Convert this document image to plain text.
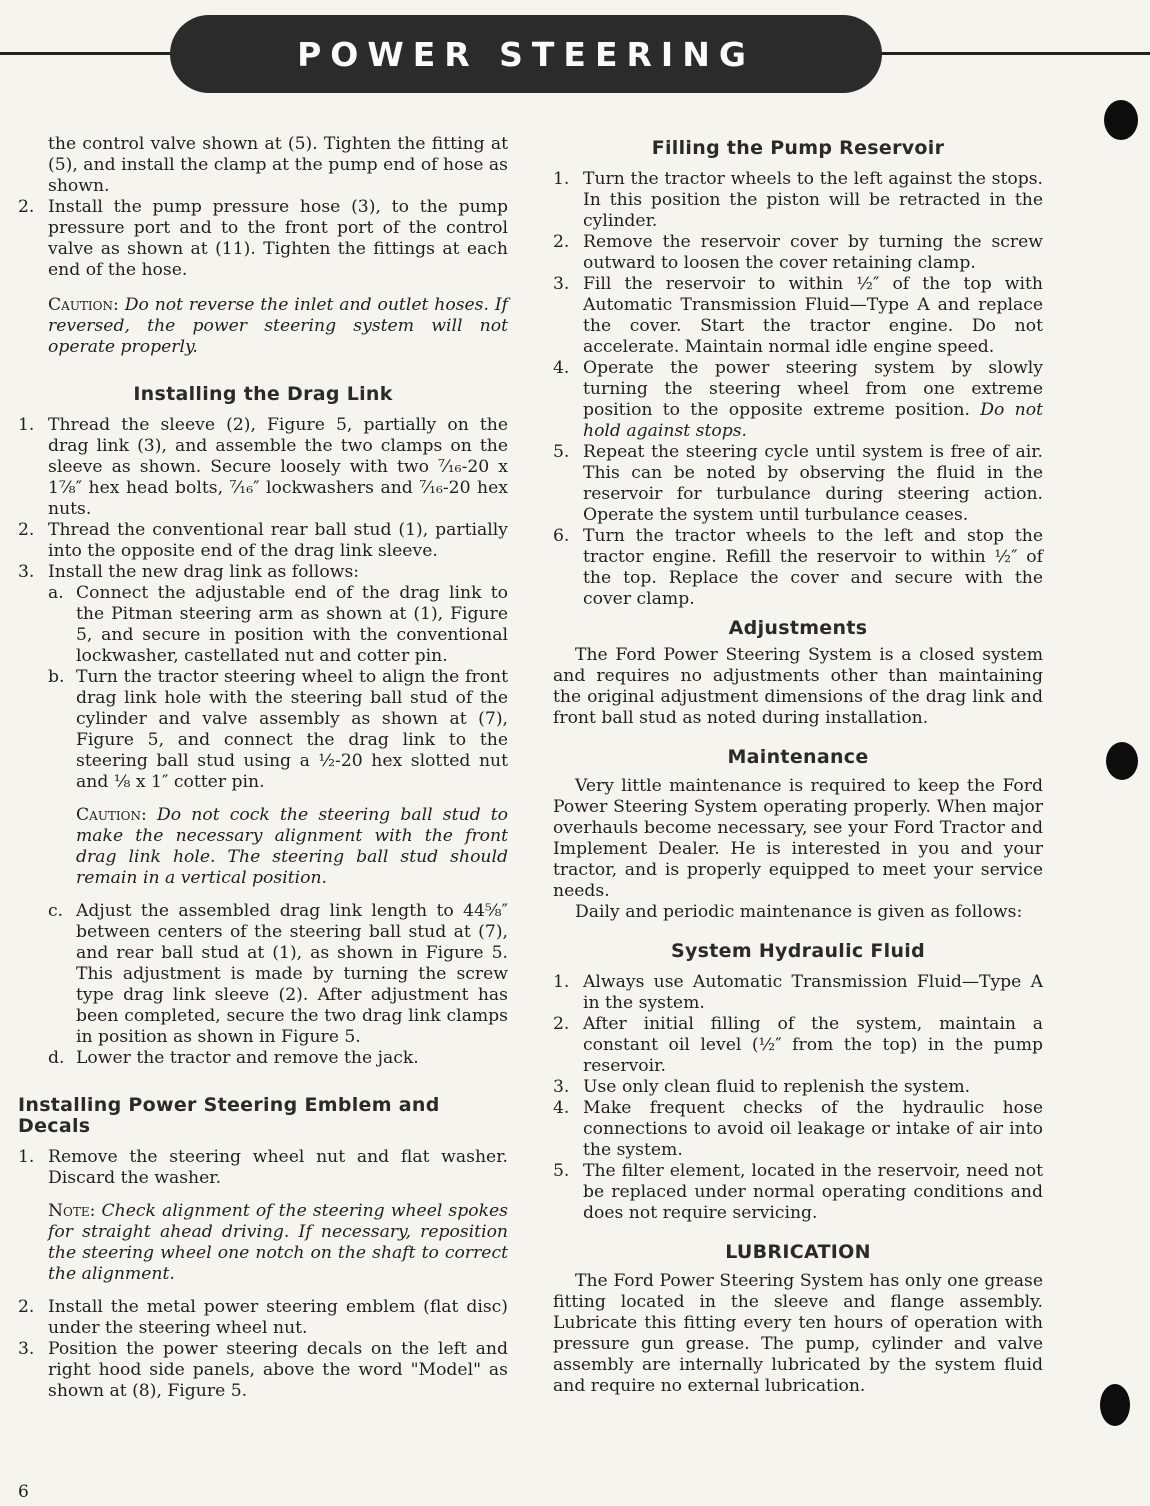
POWER STEERING

the control valve shown at (5). Tighten the fitting at (5), and install the clamp at the pump end of hose as shown.

2. Install the pump pressure hose (3), to the pump pressure port and to the front port of the control valve as shown at (11). Tighten the fittings at each end of the hose.

Caution: Do not reverse the inlet and outlet hoses. If reversed, the power steering system will not operate properly.

Installing the Drag Link
1. Thread the sleeve (2), Figure 5, partially on the drag link (3), and assemble the two clamps on the sleeve as shown. Secure loosely with two ⁷⁄₁₆-20 x 1⅞″ hex head bolts, ⁷⁄₁₆″ lockwashers and ⁷⁄₁₆-20 hex nuts.
2. Thread the conventional rear ball stud (1), partially into the opposite end of the drag link sleeve.
3. Install the new drag link as follows:
a. Connect the adjustable end of the drag link to the Pitman steering arm as shown at (1), Figure 5, and secure in position with the conventional lockwasher, castellated nut and cotter pin.
b. Turn the tractor steering wheel to align the front drag link hole with the steering ball stud of the cylinder and valve assembly as shown at (7), Figure 5, and connect the drag link to the steering ball stud using a ½-20 hex slotted nut and ⅛ x 1″ cotter pin.

Caution: Do not cock the steering ball stud to make the necessary alignment with the front drag link hole. The steering ball stud should remain in a vertical position.

c. Adjust the assembled drag link length to 44⅝″ between centers of the steering ball stud at (7), and rear ball stud at (1), as shown in Figure 5. This adjustment is made by turning the screw type drag link sleeve (2). After adjustment has been completed, secure the two drag link clamps in position as shown in Figure 5.
d. Lower the tractor and remove the jack.
Installing Power Steering Emblem and Decals
1. Remove the steering wheel nut and flat washer. Discard the washer.

Note: Check alignment of the steering wheel spokes for straight ahead driving. If necessary, reposition the steering wheel one notch on the shaft to correct the alignment.

2. Install the metal power steering emblem (flat disc) under the steering wheel nut.
3. Position the power steering decals on the left and right hood side panels, above the word "Model" as shown at (8), Figure 5.
Filling the Pump Reservoir
1. Turn the tractor wheels to the left against the stops. In this position the piston will be retracted in the cylinder.
2. Remove the reservoir cover by turning the screw outward to loosen the cover retaining clamp.
3. Fill the reservoir to within ½″ of the top with Automatic Transmission Fluid—Type A and replace the cover. Start the tractor engine. Do not accelerate. Maintain normal idle engine speed.
4. Operate the power steering system by slowly turning the steering wheel from one extreme position to the opposite extreme position. Do not hold against stops.
5. Repeat the steering cycle until system is free of air. This can be noted by observing the fluid in the reservoir for turbulance during steering action. Operate the system until turbulance ceases.
6. Turn the tractor wheels to the left and stop the tractor engine. Refill the reservoir to within ½″ of the top. Replace the cover and secure with the cover clamp.
Adjustments

The Ford Power Steering System is a closed system and requires no adjustments other than maintaining the original adjustment dimensions of the drag link and front ball stud as noted during installation.

Maintenance

Very little maintenance is required to keep the Ford Power Steering System operating properly. When major overhauls become necessary, see your Ford Tractor and Implement Dealer. He is interested in you and your tractor, and is properly equipped to meet your service needs.

Daily and periodic maintenance is given as follows:

System Hydraulic Fluid
1. Always use Automatic Transmission Fluid—Type A in the system.
2. After initial filling of the system, maintain a constant oil level (½″ from the top) in the pump reservoir.
3. Use only clean fluid to replenish the system.
4. Make frequent checks of the hydraulic hose connections to avoid oil leakage or intake of air into the system.
5. The filter element, located in the reservoir, need not be replaced under normal operating conditions and does not require servicing.
LUBRICATION

The Ford Power Steering System has only one grease fitting located in the sleeve and flange assembly. Lubricate this fitting every ten hours of operation with pressure gun grease. The pump, cylinder and valve assembly are internally lubricated by the system fluid and require no external lubrication.

6
